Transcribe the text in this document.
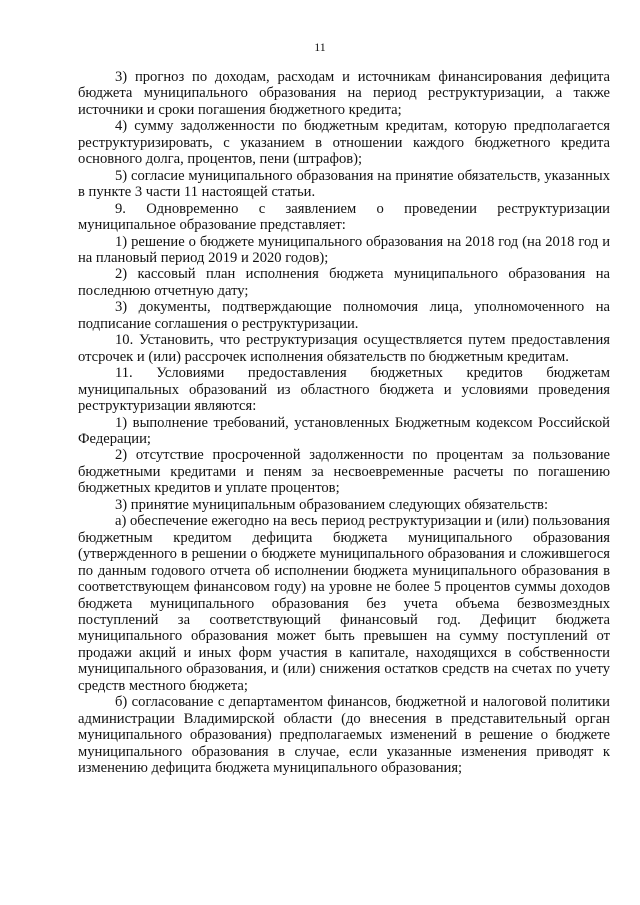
11

3) прогноз по доходам, расходам и источникам финансирования дефицита бюджета муниципального образования на период реструктуризации, а также источники и сроки погашения бюджетного кредита;

4) сумму задолженности по бюджетным кредитам, которую предполагается реструктуризировать, с указанием в отношении каждого бюджетного кредита основного долга, процентов, пени (штрафов);

5) согласие муниципального образования на принятие обязательств, указанных в пункте 3 части 11 настоящей статьи.

9. Одновременно с заявлением о проведении реструктуризации муниципальное образование представляет:

1) решение о бюджете муниципального образования на 2018 год (на 2018 год и на плановый период 2019 и 2020 годов);

2) кассовый план исполнения бюджета муниципального образования на последнюю отчетную дату;

3) документы, подтверждающие полномочия лица, уполномоченного на подписание соглашения о реструктуризации.

10. Установить, что реструктуризация осуществляется путем предоставления отсрочек и (или) рассрочек исполнения обязательств по бюджетным кредитам.

11. Условиями предоставления бюджетных кредитов бюджетам муниципальных образований из областного бюджета и условиями проведения реструктуризации являются:

1) выполнение требований, установленных Бюджетным кодексом Российской Федерации;

2) отсутствие просроченной задолженности по процентам за пользование бюджетными кредитами и пеням за несвоевременные расчеты по погашению бюджетных кредитов и уплате процентов;

3) принятие муниципальным образованием следующих обязательств:

а) обеспечение ежегодно на весь период реструктуризации и (или) пользования бюджетным кредитом дефицита бюджета муниципального образования (утвержденного в решении о бюджете муниципального образования и сложившегося по данным годового отчета об исполнении бюджета муниципального образования в соответствующем финансовом году) на уровне не более 5 процентов суммы доходов бюджета муниципального образования без учета объема безвозмездных поступлений за соответствующий финансовый год. Дефицит бюджета муниципального образования может быть превышен на сумму поступлений от продажи акций и иных форм участия в капитале, находящихся в собственности муниципального образования, и (или) снижения остатков средств на счетах по учету средств местного бюджета;

б) согласование с департаментом финансов, бюджетной и налоговой политики администрации Владимирской области (до внесения в представительный орган муниципального образования) предполагаемых изменений в решение о бюджете муниципального образования в случае, если указанные изменения приводят к изменению дефицита бюджета муниципального образования;
